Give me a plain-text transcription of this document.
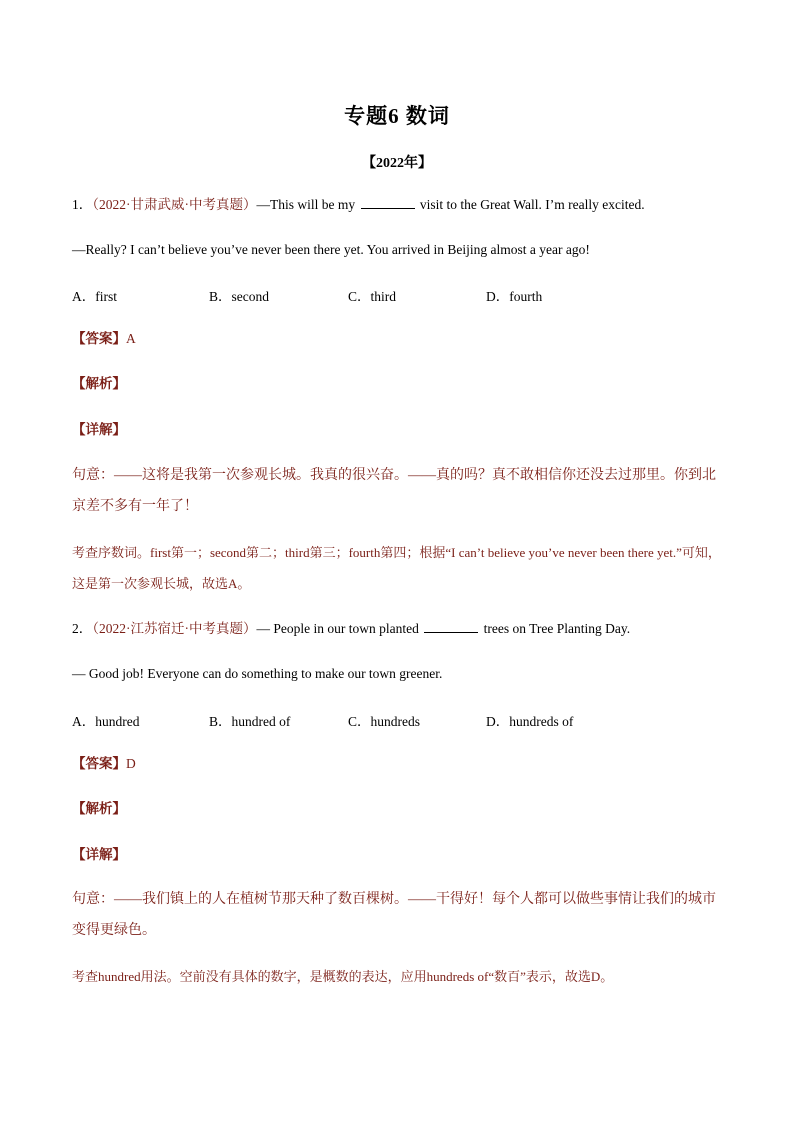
专题6 数词
【2022年】
1．（2022·甘肃武威·中考真题）—This will be my	visit to the Great Wall. I’m really excited.
—Really? I can’t believe you’ve never been there yet. You arrived in Beijing almost a year ago!
A．first	B．second	C．third	D．fourth
【答案】A
【解析】
【详解】
句意：——这将是我第一次参观长城。我真的很兴奋。——真的吗？真不敢相信你还没去过那里。你到北京差不多有一年了！
考查序数词。first第一；second第二；third第三；fourth第四；根据“I can’t believe you’ve never been there yet.”可知，这是第一次参观长城，故选A。
2．（2022·江苏宿迁·中考真题）— People in our town planted	trees on Tree Planting Day.
— Good job! Everyone can do something to make our town greener.
A．hundred	B．hundred of	C．hundreds	D．hundreds of
【答案】D
【解析】
【详解】
句意：——我们镇上的人在植树节那天种了数百棵树。——干得好！每个人都可以做些事情让我们的城市变得更绿色。
考查hundred用法。空前没有具体的数字，是概数的表达，应用hundreds of“数百”表示，故选D。
